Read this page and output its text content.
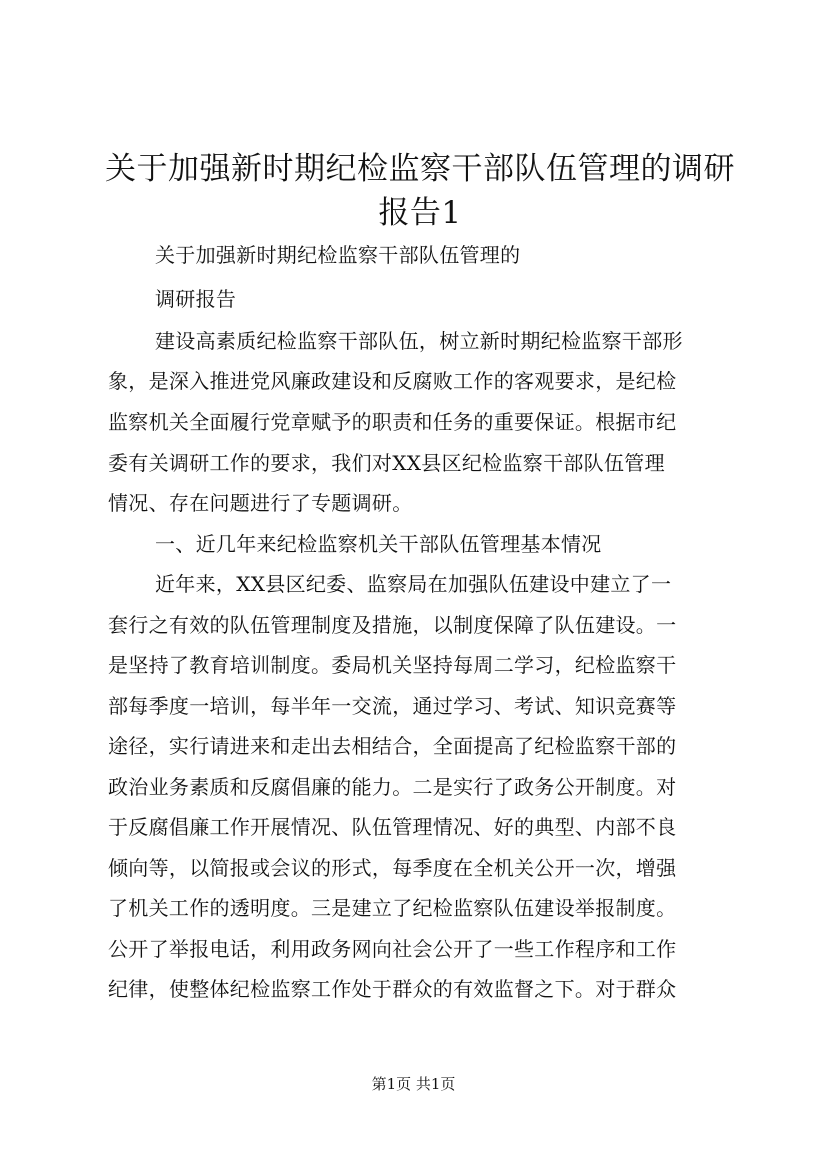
关于加强新时期纪检监察干部队伍管理的调研
报告1
关于加强新时期纪检监察干部队伍管理的
调研报告
建设高素质纪检监察干部队伍，树立新时期纪检监察干部形
象，是深入推进党风廉政建设和反腐败工作的客观要求，是纪检
监察机关全面履行党章赋予的职责和任务的重要保证。根据市纪
委有关调研工作的要求，我们对XX县区纪检监察干部队伍管理
情况、存在问题进行了专题调研。
一、近几年来纪检监察机关干部队伍管理基本情况
近年来，XX县区纪委、监察局在加强队伍建设中建立了一
套行之有效的队伍管理制度及措施，以制度保障了队伍建设。一
是坚持了教育培训制度。委局机关坚持每周二学习，纪检监察干
部每季度一培训，每半年一交流，通过学习、考试、知识竞赛等
途径，实行请进来和走出去相结合，全面提高了纪检监察干部的
政治业务素质和反腐倡廉的能力。二是实行了政务公开制度。对
于反腐倡廉工作开展情况、队伍管理情况、好的典型、内部不良
倾向等，以简报或会议的形式，每季度在全机关公开一次，增强
了机关工作的透明度。三是建立了纪检监察队伍建设举报制度。
公开了举报电话，利用政务网向社会公开了一些工作程序和工作
纪律，使整体纪检监察工作处于群众的有效监督之下。对于群众
第1页 共1页
